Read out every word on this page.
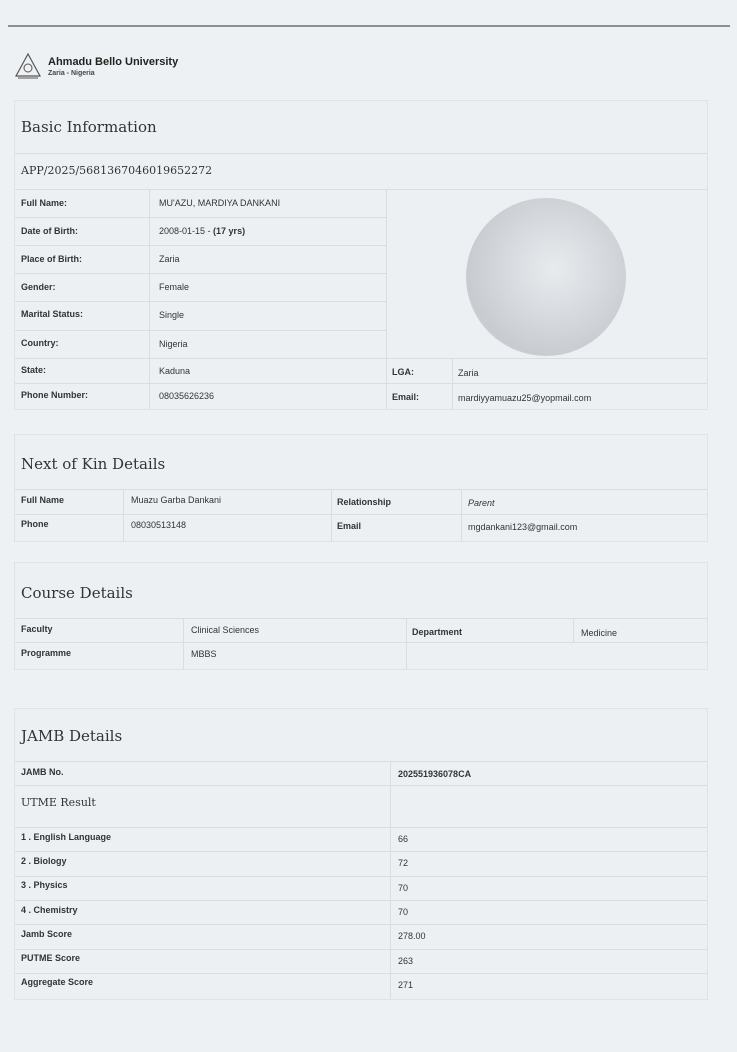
Ahmadu Bello University
Zaria - Nigeria
Basic Information
APP/2025/5681367046019652272
Full Name:	MU'AZU, MARDIYA DANKANI
Date of Birth:	2008-01-15 - (17 yrs)
Place of Birth:	Zaria
Gender:	Female
Marital Status:	Single
Country:	Nigeria
State:	Kaduna	LGA:	Zaria
Phone Number:	08035626236	Email:	mardiyyamuazu25@yopmail.com
Next of Kin Details
Full Name	Muazu Garba Dankani	Relationship	Parent
Phone	08030513148	Email	mgdankani123@gmail.com
Course Details
Faculty	Clinical Sciences	Department	Medicine
Programme	MBBS
JAMB Details
JAMB No.	202551936078CA
UTME Result
1 . English Language	66
2 . Biology	72
3 . Physics	70
4 . Chemistry	70
Jamb Score	278.00
PUTME Score	263
Aggregate Score	271
